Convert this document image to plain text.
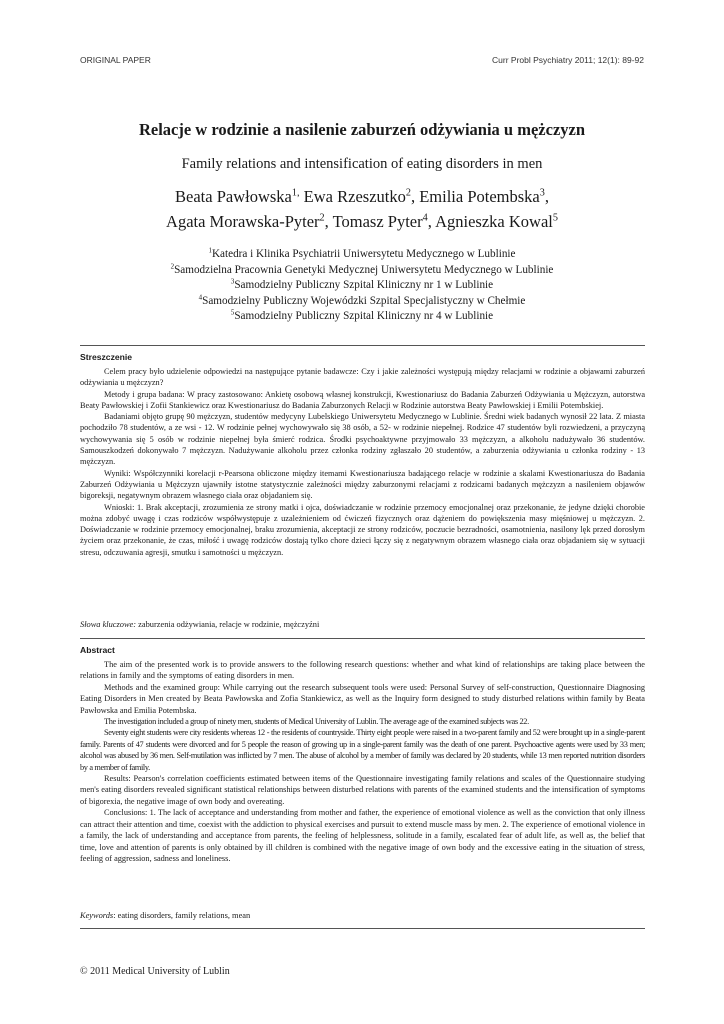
ORIGINAL PAPER	Curr Probl Psychiatry 2011; 12(1): 89-92
Relacje w rodzinie a nasilenie zaburzeń odżywiania u mężczyzn
Family relations and intensification of eating disorders in men
Beata Pawłowska$^{1,}$ Ewa Rzeszutko$^2$, Emilia Potembska$^3$,
Agata Morawska-Pyter$^2$, Tomasz Pyter$^4$, Agnieszka Kowal$^5$
$^1$Katedra i Klinika Psychiatrii Uniwersytetu Medycznego w Lublinie
$^2$Samodzielna Pracownia Genetyki Medycznej Uniwersytetu Medycznego w Lublinie
$^3$Samodzielny Publiczny Szpital Kliniczny nr 1 w Lublinie
$^4$Samodzielny Publiczny Wojewódzki Szpital Specjalistyczny w Chełmie
$^5$Samodzielny Publiczny Szpital Kliniczny nr 4 w Lublinie

Streszczenie

Celem pracy było udzielenie odpowiedzi na następujące pytanie badawcze: Czy i jakie zależności występują między relacjami w rodzinie a objawami zaburzeń odżywiania u mężczyzn?

Metody i grupa badana: W pracy zastosowano: Ankietę osobową własnej konstrukcji, Kwestionariusz do Badania Zaburzeń Odżywiania u Mężczyzn, autorstwa Beaty Pawłowskiej i Zofii Stankiewicz oraz Kwestionariusz do Badania Zaburzonych Relacji w Rodzinie autorstwa Beaty Pawłowskiej i Emilii Potembskiej.

Badaniami objęto grupę 90 mężczyzn, studentów medycyny Lubelskiego Uniwersytetu Medycznego w Lublinie. Średni wiek badanych wynosił 22 lata. Z miasta pochodziło 78 studentów, a ze wsi - 12. W rodzinie pełnej wychowywało się 38 osób, a 52- w rodzinie niepełnej. Rodzice 47 studentów byli rozwiedzeni, a przyczyną wychowywania się 5 osób w rodzinie niepełnej była śmierć rodzica. Środki psychoaktywne przyjmowało 33 mężczyzn, a alkoholu nadużywało 36 studentów. Samouszkodzeń dokonywało 7 mężczyzn. Nadużywanie alkoholu przez członka rodziny zgłaszało 20 studentów, a zaburzenia odżywiania u członka rodziny - 13 mężczyzn.

Wyniki: Współczynniki korelacji r-Pearsona obliczone między itemami Kwestionariusza badającego relacje w rodzinie a skalami Kwestionariusza do Badania Zaburzeń Odżywiania u Mężczyzn ujawniły istotne statystycznie zależności między zaburzonymi relacjami z rodzicami badanych mężczyzn a nasileniem objawów bigoreksji, negatywnym obrazem własnego ciała oraz objadaniem się.

Wnioski: 1. Brak akceptacji, zrozumienia ze strony matki i ojca, doświadczanie w rodzinie przemocy emocjonalnej oraz przekonanie, że jedyne dzięki chorobie można zdobyć uwagę i czas rodziców współwystępuje z uzależnieniem od ćwiczeń fizycznych oraz dążeniem do powiększenia masy mięśniowej u mężczyzn. 2. Doświadczanie w rodzinie przemocy emocjonalnej, braku zrozumienia, akceptacji ze strony rodziców, poczucie bezradności, osamotnienia, nasilony lęk przed dorosłym życiem oraz przekonanie, że czas, miłość i uwagę rodziców dostają tylko chore dzieci łączy się z negatywnym obrazem własnego ciała oraz objadaniem się w sytuacji stresu, odczuwania agresji, smutku i samotności u mężczyzn.

Słowa kluczowe: zaburzenia odżywiania, relacje w rodzinie, mężczyźni

Abstract

The aim of the presented work is to provide answers to the following research questions: whether and what kind of relationships are taking place between the relations in family and the symptoms of eating disorders in men.

Methods and the examined group: While carrying out the research subsequent tools were used: Personal Survey of self-construction, Questionnaire Diagnosing Eating Disorders in Men created by Beata Pawłowska and Zofia Stankiewicz, as well as the Inquiry form designed to study disturbed relations within family by Beata Pawłowska and Emilia Potembska.

The investigation included a group of ninety men, students of Medical University of Lublin. The average age of the examined subjects was 22.

Seventy eight students were city residents whereas 12 - the residents of countryside. Thirty eight people were raised in a two-parent family and 52 were brought up in a single-parent family. Parents of 47 students were divorced and for 5 people the reason of growing up in a single-parent family was the death of one parent. Psychoactive agents were used by 33 men; alcohol was abused by 36 men. Self-mutilation was inflicted by 7 men. The abuse of alcohol by a member of family was declared by 20 students, while 13 men reported nutrition disorders by a member of family.

Results: Pearson's correlation coefficients estimated between items of the Questionnaire investigating family relations and scales of the Questionnaire studying men's eating disorders revealed significant statistical relationships between disturbed relations with parents of the examined students and the intensification of symptoms of bigorexia, the negative image of own body and overeating.

Conclusions: 1. The lack of acceptance and understanding from mother and father, the experience of emotional violence as well as the conviction that only illness can attract their attention and time, coexist with the addiction to physical exercises and pursuit to extend muscle mass by men. 2. The experience of emotional violence in a family, the lack of understanding and acceptance from parents, the feeling of helplessness, solitude in a family, escalated fear of adult life, as well as, the belief that time, love and attention of parents is only obtained by ill children is combined with the negative image of own body and the excessive eating in the situation of stress, feeling of aggression, sadness and loneliness.

Keywords: eating disorders, family relations, mean

© 2011 Medical University of Lublin
